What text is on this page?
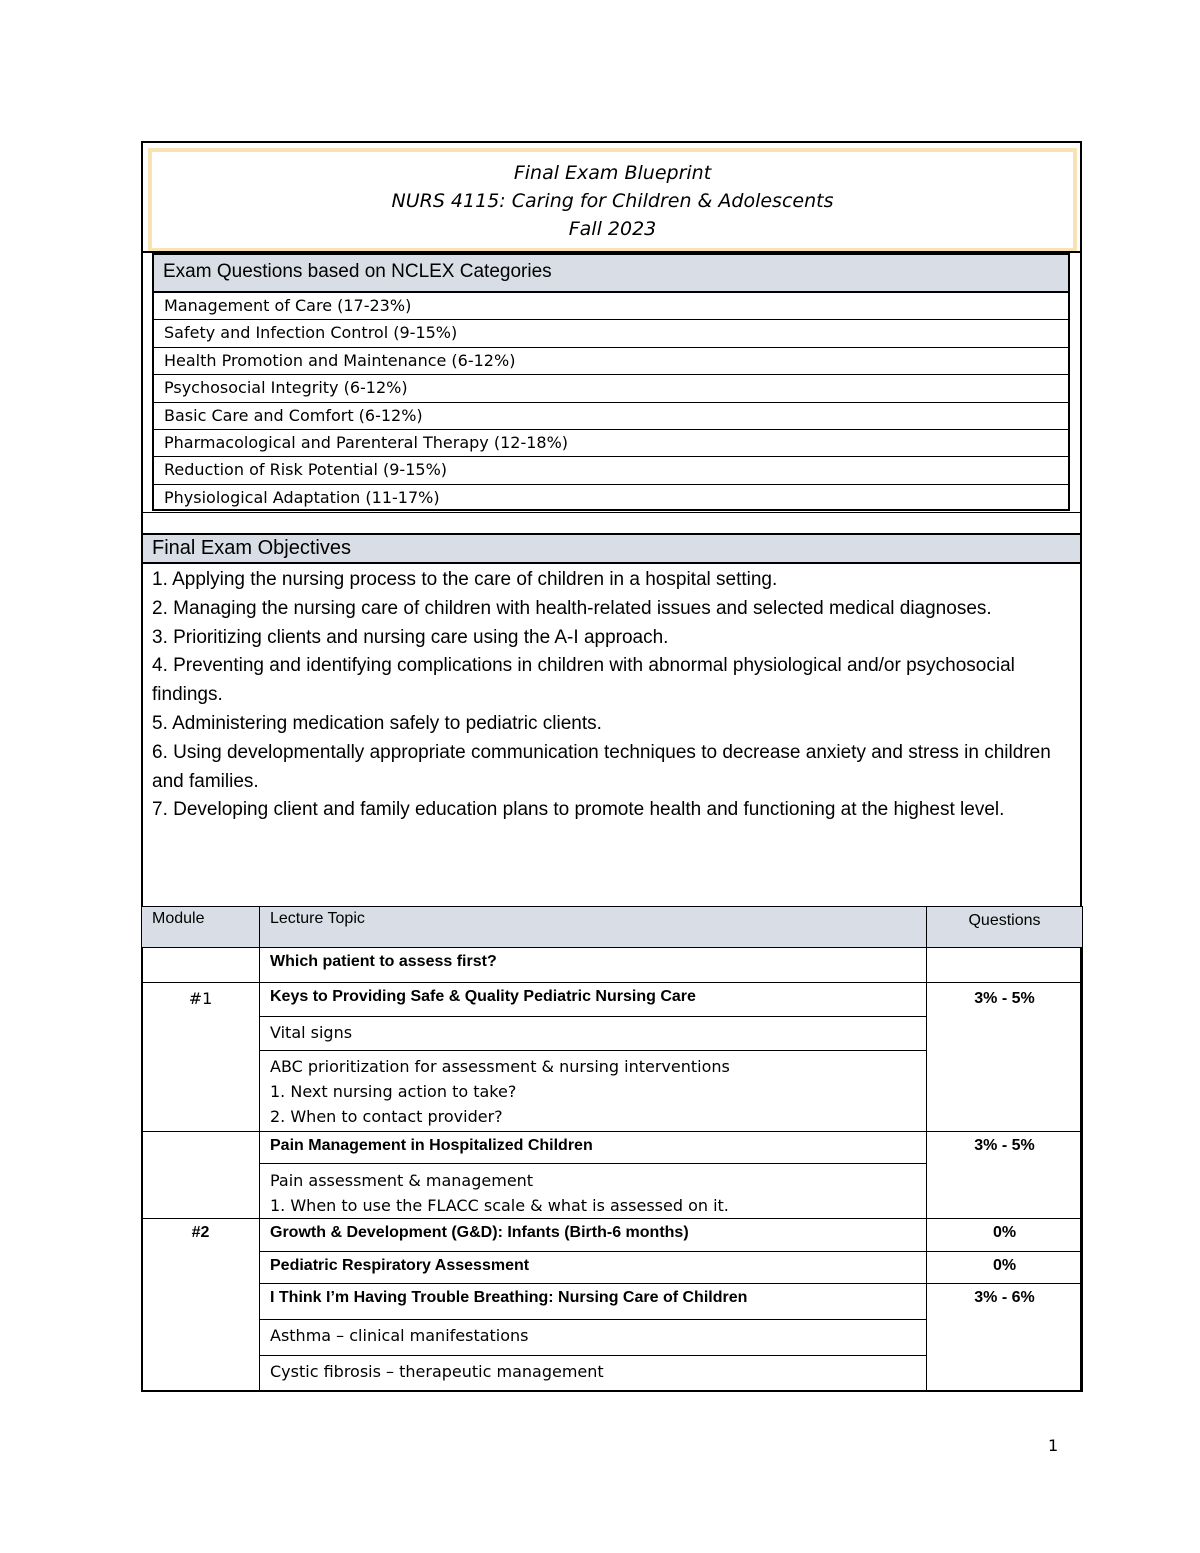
Final Exam Blueprint
NURS 4115: Caring for Children & Adolescents
Fall 2023
Exam Questions based on NCLEX Categories
Management of Care (17-23%)
Safety and Infection Control (9-15%)
Health Promotion and Maintenance (6-12%)
Psychosocial Integrity (6-12%)
Basic Care and Comfort (6-12%)
Pharmacological and Parenteral Therapy (12-18%)
Reduction of Risk Potential (9-15%)
Physiological Adaptation (11-17%)
Final Exam Objectives
1. Applying the nursing process to the care of children in a hospital setting.
2. Managing the nursing care of children with health-related issues and selected medical diagnoses.
3. Prioritizing clients and nursing care using the A-I approach.
4. Preventing and identifying complications in children with abnormal physiological and/or psychosocial findings.
5. Administering medication safely to pediatric clients.
6. Using developmentally appropriate communication techniques to decrease anxiety and stress in children and families.
7. Developing client and family education plans to promote health and functioning at the highest level.
Module	Lecture Topic	Questions
	Which patient to assess first?	
#1	Keys to Providing Safe & Quality Pediatric Nursing Care	3% - 5%
	Vital signs	

	ABC prioritization for assessment & nursing interventions
1. Next nursing action to take?
2. When to contact provider?	

	Pain Management in Hospitalized Children	3% - 5%

	Pain assessment & management
1. When to use the FLACC scale & what is assessed on it.	

#2	Growth & Development (G&D): Infants (Birth-6 months)	0%
	Pediatric Respiratory Assessment	0%
	I Think I’m Having Trouble Breathing: Nursing Care of Children	3% - 6%
	Asthma – clinical manifestations	
	Cystic fibrosis – therapeutic management	
1
